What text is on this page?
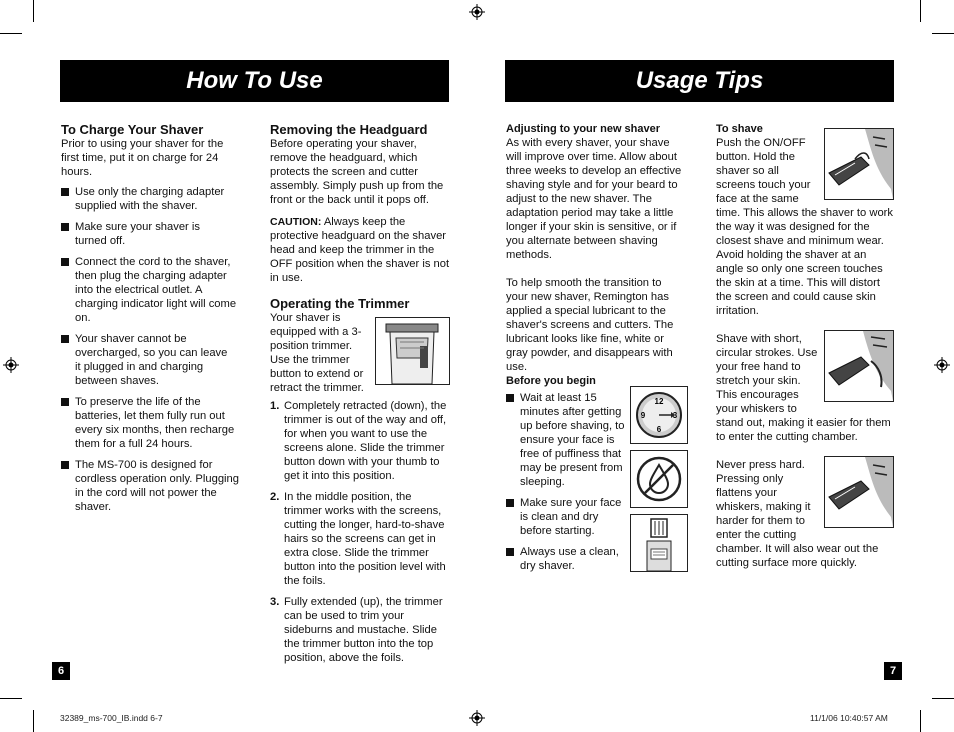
How To Use	Usage Tips
To Charge Your Shaver

Prior to using your shaver for the first time, put it on charge for 24 hours.

Use only the charging adapter supplied with the shaver.
Make sure your shaver is turned off.
Connect the cord to the shaver, then plug the charging adapter into the electrical outlet. A charging indicator light will come on.
Your shaver cannot be overcharged, so you can leave it plugged in and charging between shaves.
To preserve the life of the batteries, let them fully run out every six months, then recharge them for a full 24 hours.
The MS-700 is designed for cordless operation only. Plugging in the cord will not power the shaver.
Removing the Headguard

Before operating your shaver, remove the headguard, which protects the screen and cutter assembly. Simply push up from the front or the back until it pops off.

CAUTION: Always keep the protective headguard on the shaver head and keep the trimmer in the OFF position when the shaver is not in use.

Operating the Trimmer

Your shaver is equipped with a 3-position trimmer. Use the trimmer button to extend or retract the trimmer.

1. Completely retracted (down), the trimmer is out of the way and off, for when you want to use the screens alone. Slide the trimmer button down with your thumb to get it into this position.
2. In the middle position, the trimmer works with the screens, cutting the longer, hard-to-shave hairs so the screens can get in extra close. Slide the trimmer button into the position level with the foils.
3. Fully extended (up), the trimmer can be used to trim your sideburns and mustache. Slide the trimmer button into the top position, above the foils.
Adjusting to your new shaver

As with every shaver, your shave will improve over time. Allow about three weeks to develop an effective shaving style and for your beard to adjust to the new shaver. The adaptation period may take a little longer if your skin is sensitive, or if you alternate between shaving methods.

To help smooth the transition to your new shaver, Remington has applied a special lubricant to the shaver's screens and cutters. The lubricant looks like fine, white or gray powder, and disappears with use.

Before you begin
Wait at least 15 minutes after getting up before shaving, to ensure your face is free of puffiness that may be present from sleeping.
Make sure your face is clean and dry before starting.
Always use a clean, dry shaver.
12
3
6
9
To shave

Push the ON/OFF button. Hold the shaver so all screens touch your face at the same time. This allows the shaver to work the way it was designed for the closest shave and minimum wear. Avoid holding the shaver at an angle so only one screen touches the skin at a time. This will distort the screen and could cause skin irritation.

Shave with short, circular strokes. Use your free hand to stretch your skin. This encourages your whiskers to stand out, making it easier for them to enter the cutting chamber.

Never press hard. Pressing only flattens your whiskers, making it harder for them to enter the cutting chamber. It will also wear out the cutting surface more quickly.

6	7
32389_ms-700_IB.indd 6-7	11/1/06 10:40:57 AM
